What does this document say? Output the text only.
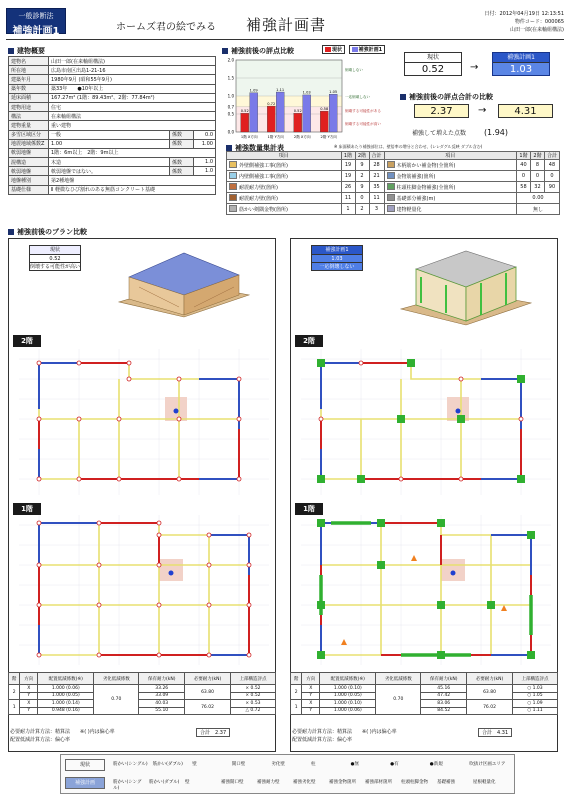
一般診断法
補強計画1	ホームズ君の絵でみる 補強計画書
日付：2012年04月19日 12:13:51
物件コード：000065
山田一郎(在来軸組構法)
建物概要
建物名	山田一郎(在来軸組構法)		
所在地	広島市南区出島1-21-16		
建築年月	1980年9月 (昭和55年9月)		
築年数	築33年　　●10年以上		
延床面積	167.27m² (1階：89.43m²、2階：77.84m²)		
建物用途	住宅		
構法	在来軸組構法		
建物重量	重い建物		
多雪区域区分	一般	係数	0.0
地震地域係数Z	1.00	係数	1.00
軟弱地盤	1階：6m以上　2階：9m以上		
混構造	木造	係数	1.0
軟弱地盤	軟弱地盤ではない。	係数	1.0
地盤種別	第2種地盤		
基礎仕様	Ⅱ 軽微なひび割れのある無筋コンクリート基礎		
補強前後の評点比較	現状	補強計画1
0.0
0.5
0.7
1.0
1.5
2.0
0.52
1.09
1階 X方向
0.72
1.11
1階 Y方向
0.52
1.03
2階 X方向
0.58
1.05
2階 Y方向
倒壊しない
一応倒壊しない
倒壊する可能性がある
倒壊する可能性が高い
現状
0.52	→
補強計画1
1.03
補強前後の評点合計の比較
2.37	→	4.31
補強して増えた点数 (1.94)
補強数量集計表	※ 床面積あたり補強部位は、壁倍率の増分と合わせ、(レレダグル反映 ダブル含む)
項目	1階	2階	合計	項目	1階	2階	合計
外壁側補強工事(箇所)	19	9	28	木柄筋かい補金物(全箇所)	40	8	48
内壁側補強工事(箇所)	19	2	21	金物筋補強(箇所)	0	0	0
耐震耐力壁(箇所)	26	9	35	柱頭柱脚金物補強(全箇所)	58	32	90
耐震耐力壁(箇所)	11	0	11	基礎部分補強(m)	0.00		
筋かい剣隅金物(箇所)	1	2	3	建物軽量化	無し		
補強前後のプラン比較
現状
0.52
倒壊する可能性が高い
2階
1階
補強計画1
1.03
一応倒壊しない
2階
1階
階	方向	配置低減係数(※)	劣化低減係数	保有耐力(kN)	必要耐力(kN)	上部構造評点
2	X	1.000 (0.06)	0.70	33.26	63.80	× 0.52
	Y	1.000 (0.05)		33.09		× 0.52
1	X	1.000 (0.14)		40.03	76.02	× 0.53
	Y	0.948 (0.16)		55.10		△ 0.72
必要耐力計算方法：精算法　　※( )内は偏心率
配置低減計算方法：偏心率
合計　 2.37
階	方向	配置低減係数(※)	劣化低減係数	保有耐力(kN)	必要耐力(kN)	上部構造評点
2	X	1.000 (0.10)	0.70	45.16	63.80	○ 1.03
	Y	1.000 (0.05)		47.42		○ 1.05
1	X	1.000 (0.10)		83.06	76.02	○ 1.09
	Y	1.000 (0.06)		84.52		○ 1.11
必要耐力計算方法：精算法　　※( )内は偏心率
配置低減計算方法：偏心率
合計　 4.31
現状	筋かい(シングル)	筋かい(ダブル)	壁	開口壁	劣化壁	柱	●無	●有	●新規	吹抜け区画エリア
補強計画	筋かい(シングル)
筋かい(ダブル)	壁	補強開口壁	補強耐力壁	補強劣化壁	補強金物箇所	補強部材箇所	柱頭柱脚金物	基礎補強	屋根軽量化
